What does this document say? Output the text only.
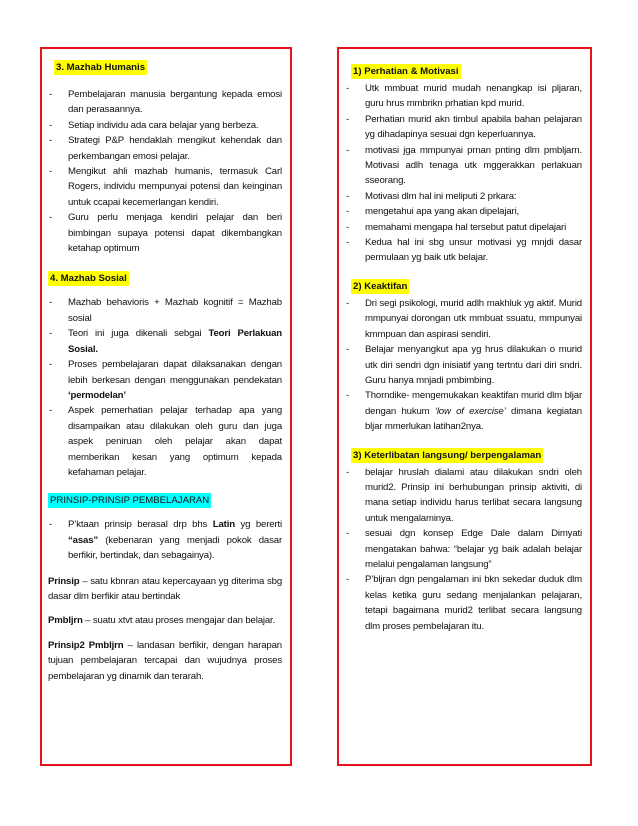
3. Mazhab Humanis
- Pembelajaran manusia bergantung kepada emosi dan perasaannya.
- Setiap individu ada cara belajar yang berbeza.
- Strategi P&P hendaklah mengikut kehendak dan perkembangan emosi pelajar.
- Mengikut ahli mazhab humanis, termasuk Carl Rogers, individu mempunyai potensi dan keinginan untuk ccapai kecemerlangan kendiri.
- Guru perlu menjaga kendiri pelajar dan beri bimbingan supaya potensi dapat dikembangkan ketahap optimum
4. Mazhab Sosial
- Mazhab behavioris + Mazhab kognitif = Mazhab sosial
- Teori ini juga dikenali sebgai Teori Perlakuan Sosial.
- Proses pembelajaran dapat dilaksanakan dengan lebih berkesan dengan menggunakan pendekatan ‘permodelan’
- Aspek pemerhatian pelajar terhadap apa yang disampaikan atau dilakukan oleh guru dan juga aspek peniruan oleh pelajar akan dapat memberikan kesan yang optimum kepada kefahaman pelajar.
PRINSIP-PRINSIP PEMBELAJARAN
- P’ktaan prinsip berasal drp bhs Latin yg bererti “asas” (kebenaran yang menjadi pokok dasar berfikir, bertindak, dan sebagainya).

Prinsip – satu kbnran atau kepercayaan yg diterima sbg dasar dlm berfikir atau bertindak

Pmbljrn – suatu xtvt atau proses mengajar dan belajar.

Prinsip2 Pmbljrn – landasan berfikir, dengan harapan tujuan pembelajaran tercapai dan wujudnya proses pembelajaran yg dinamik dan terarah.

1) Perhatian & Motivasi
- Utk mmbuat murid mudah nenangkap isi pljaran, guru hrus mmbrikn prhatian kpd murid.
- Perhatian murid akn timbul apabila bahan pelajaran yg dihadapinya sesuai dgn keperluannya.
- motivasi jga mmpunyai prnan pnting dlm pmbljarn. Motivasi adlh tenaga utk mggerakkan perlakuan sseorang.
- Motivasi dlm hal ini meliputi 2 prkara:
- mengetahui apa yang akan dipelajari,
- memahami mengapa hal tersebut patut dipelajari
- Kedua hal ini sbg unsur motivasi yg mnjdi dasar permulaan yg baik utk belajar.
2) Keaktifan
- Dri segi psikologi, murid adlh makhluk yg aktif. Murid mmpunyai dorongan utk mmbuat ssuatu, mmpunyai kmmpuan dan aspirasi sendiri.
- Belajar menyangkut apa yg hrus dilakukan o murid utk diri sendri dgn inisiatif yang tertntu dari diri sndri. Guru hanya mnjadi pmbimbing.
- Thorndike- mengemukakan keaktifan murid dlm bljar dengan hukum ‘low of exercise’ dimana kegiatan bljar mmerlukan latihan2nya.
3) Keterlibatan langsung/ berpengalaman
- belajar hruslah dialami atau dilakukan sndri oleh murid2. Prinsip ini berhubungan prinsip aktiviti, di mana setiap individu harus terlibat secara langsung untuk mengalaminya.
- sesuai dgn konsep Edge Dale dalam Dimyati mengatakan bahwa: “belajar yg baik adalah belajar melalui pengalaman langsung”
- P’bljran dgn pengalaman ini bkn sekedar duduk dlm kelas ketika guru sedang menjalankan pelajaran, tetapi bagaimana murid2 terlibat secara langsung dlm proses pembelajaran itu.
